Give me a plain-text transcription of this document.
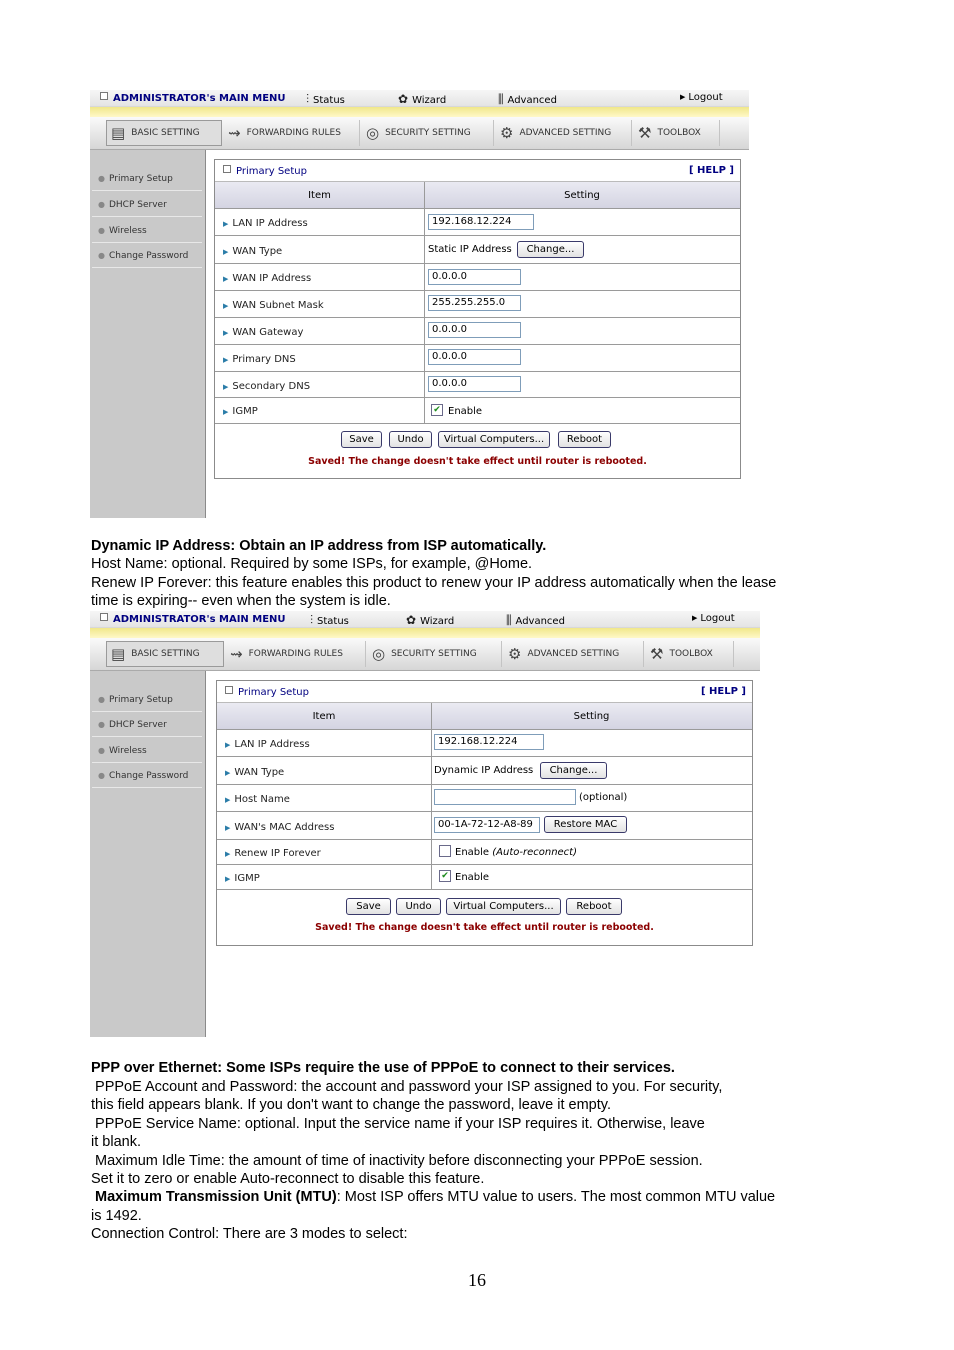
ADMINISTRATOR's MAIN MENU ⫶ Status	✿ Wizard	⫼ Advanced	▶ Logout
▤ BASIC SETTING ⇝ FORWARDING RULES ◎ SECURITY SETTING ⚙ ADVANCED SETTING ⚒ TOOLBOX
● Primary Setup
● DHCP Server
● Wireless
● Change Password
Primary Setup	[ HELP ]
Item	Setting
▶ LAN IP Address	192.168.12.224
▶ WAN Type	Static IP Address	Change...
▶ WAN IP Address	0.0.0.0
▶ WAN Subnet Mask	255.255.255.0
▶ WAN Gateway	0.0.0.0
▶ Primary DNS	0.0.0.0
▶ Secondary DNS	0.0.0.0
▶ IGMP	✔ Enable
Save	Undo	Virtual Computers...	Reboot
Saved! The change doesn't take effect until router is rebooted.
Dynamic IP Address: Obtain an IP address from ISP automatically.
Host Name: optional. Required by some ISPs, for example, @Home.
Renew IP Forever: this feature enables this product to renew your IP address automatically when the lease
time is expiring-- even when the system is idle.
ADMINISTRATOR's MAIN MENU ⫶ Status	✿ Wizard	⫼ Advanced	▶ Logout
▤ BASIC SETTING ⇝ FORWARDING RULES ◎ SECURITY SETTING ⚙ ADVANCED SETTING ⚒ TOOLBOX
● Primary Setup
● DHCP Server
● Wireless
● Change Password
Primary Setup	[ HELP ]
Item	Setting
▶ LAN IP Address	192.168.12.224
▶ WAN Type	Dynamic IP Address	Change...
▶ Host Name	(optional)
▶ WAN's MAC Address	00-1A-72-12-A8-89	Restore MAC
▶ Renew IP Forever	Enable (Auto-reconnect)
▶ IGMP	✔ Enable
Save	Undo	Virtual Computers...	Reboot
Saved! The change doesn't take effect until router is rebooted.
PPP over Ethernet: Some ISPs require the use of PPPoE to connect to their services.
PPPoE Account and Password: the account and password your ISP assigned to you. For security,
this field appears blank. If you don't want to change the password, leave it empty.
PPPoE Service Name: optional. Input the service name if your ISP requires it. Otherwise, leave
it blank.
Maximum Idle Time: the amount of time of inactivity before disconnecting your PPPoE session.
Set it to zero or enable Auto-reconnect to disable this feature.
Maximum Transmission Unit (MTU): Most ISP offers MTU value to users. The most common MTU value
is 1492.
Connection Control: There are 3 modes to select:
16
